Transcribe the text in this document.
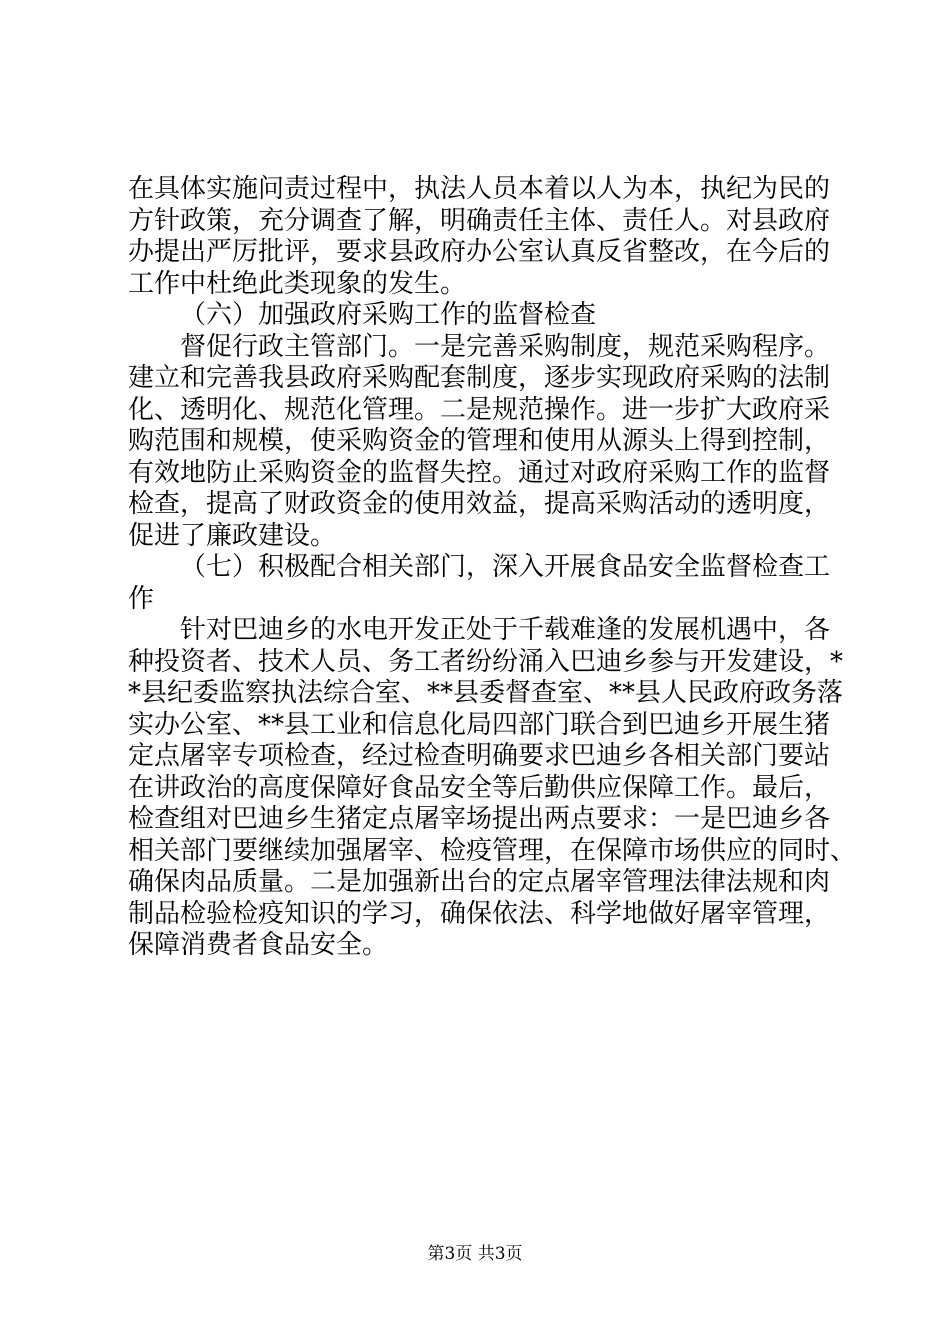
在具体实施问责过程中，执法人员本着以人为本，执纪为民的
方针政策，充分调查了解，明确责任主体、责任人。对县政府
办提出严厉批评，要求县政府办公室认真反省整改，在今后的
工作中杜绝此类现象的发生。
（六）加强政府采购工作的监督检查
督促行政主管部门。一是完善采购制度，规范采购程序。
建立和完善我县政府采购配套制度，逐步实现政府采购的法制
化、透明化、规范化管理。二是规范操作。进一步扩大政府采
购范围和规模，使采购资金的管理和使用从源头上得到控制，
有效地防止采购资金的监督失控。通过对政府采购工作的监督
检查，提高了财政资金的使用效益，提高采购活动的透明度，
促进了廉政建设。
（七）积极配合相关部门，深入开展食品安全监督检查工
作
针对巴迪乡的水电开发正处于千载难逢的发展机遇中，各
种投资者、技术人员、务工者纷纷涌入巴迪乡参与开发建设，*
*县纪委监察执法综合室、**县委督查室、**县人民政府政务落
实办公室、**县工业和信息化局四部门联合到巴迪乡开展生猪
定点屠宰专项检查，经过检查明确要求巴迪乡各相关部门要站
在讲政治的高度保障好食品安全等后勤供应保障工作。最后，
检查组对巴迪乡生猪定点屠宰场提出两点要求：一是巴迪乡各
相关部门要继续加强屠宰、检疫管理，在保障市场供应的同时、
确保肉品质量。二是加强新出台的定点屠宰管理法律法规和肉
制品检验检疫知识的学习，确保依法、科学地做好屠宰管理，
保障消费者食品安全。
第3页 共3页
